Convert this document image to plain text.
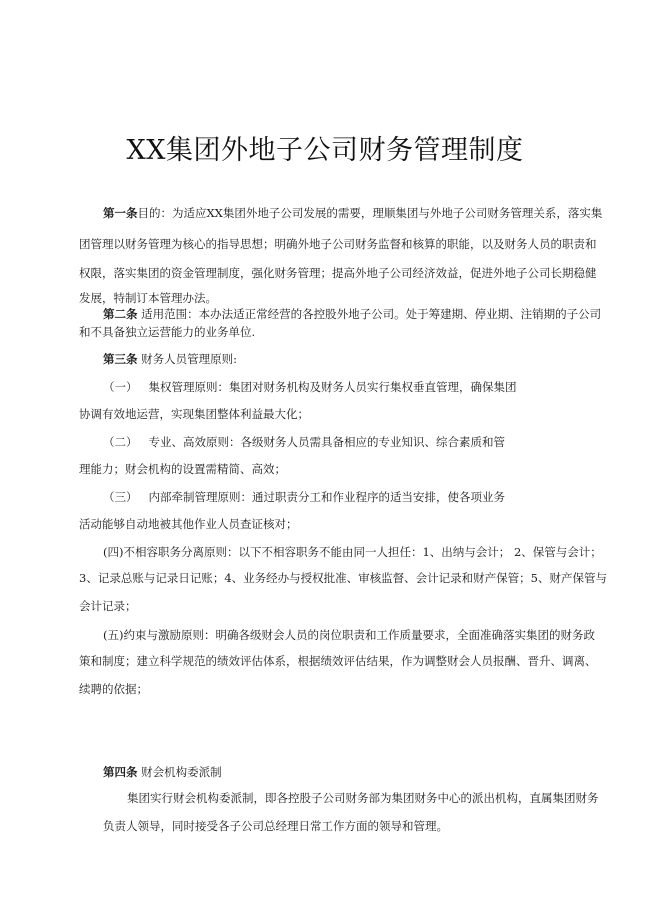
XX集团外地子公司财务管理制度
第一条目的：为适应XX集团外地子公司发展的需要，理顺集团与外地子公司财务管理关系，落实集
团管理以财务管理为核心的指导思想；明确外地子公司财务监督和核算的职能，以及财务人员的职责和
权限，落实集团的资金管理制度，强化财务管理；提高外地子公司经济效益，促进外地子公司长期稳健
发展，特制订本管理办法。
第二条 适用范围：本办法适正常经营的各控股外地子公司。处于筹建期、停业期、注销期的子公司
和不具备独立运营能力的业务单位.
第三条 财务人员管理原则:
（一） 集权管理原则：集团对财务机构及财务人员实行集权垂直管理，确保集团
协调有效地运营，实现集团整体利益最大化；
（二） 专业、高效原则：各级财务人员需具备相应的专业知识、综合素质和管
理能力；财会机构的设置需精简、高效；
（三） 内部牵制管理原则：通过职责分工和作业程序的适当安排，使各项业务
活动能够自动地被其他作业人员查证核对；
(四)不相容职务分离原则：以下不相容职务不能由同一人担任：1、出纳与会计； 2、保管与会计；
3、记录总账与记录日记账；4、业务经办与授权批准、审核监督、会计记录和财产保管；5、财产保管与
会计记录；
(五)约束与激励原则：明确各级财会人员的岗位职责和工作质量要求，全面准确落实集团的财务政
策和制度；建立科学规范的绩效评估体系，根据绩效评估结果，作为调整财会人员报酬、晋升、调离、
续聘的依据；
第四条 财会机构委派制
集团实行财会机构委派制，即各控股子公司财务部为集团财务中心的派出机构，直属集团财务
负责人领导，同时接受各子公司总经理日常工作方面的领导和管理。
